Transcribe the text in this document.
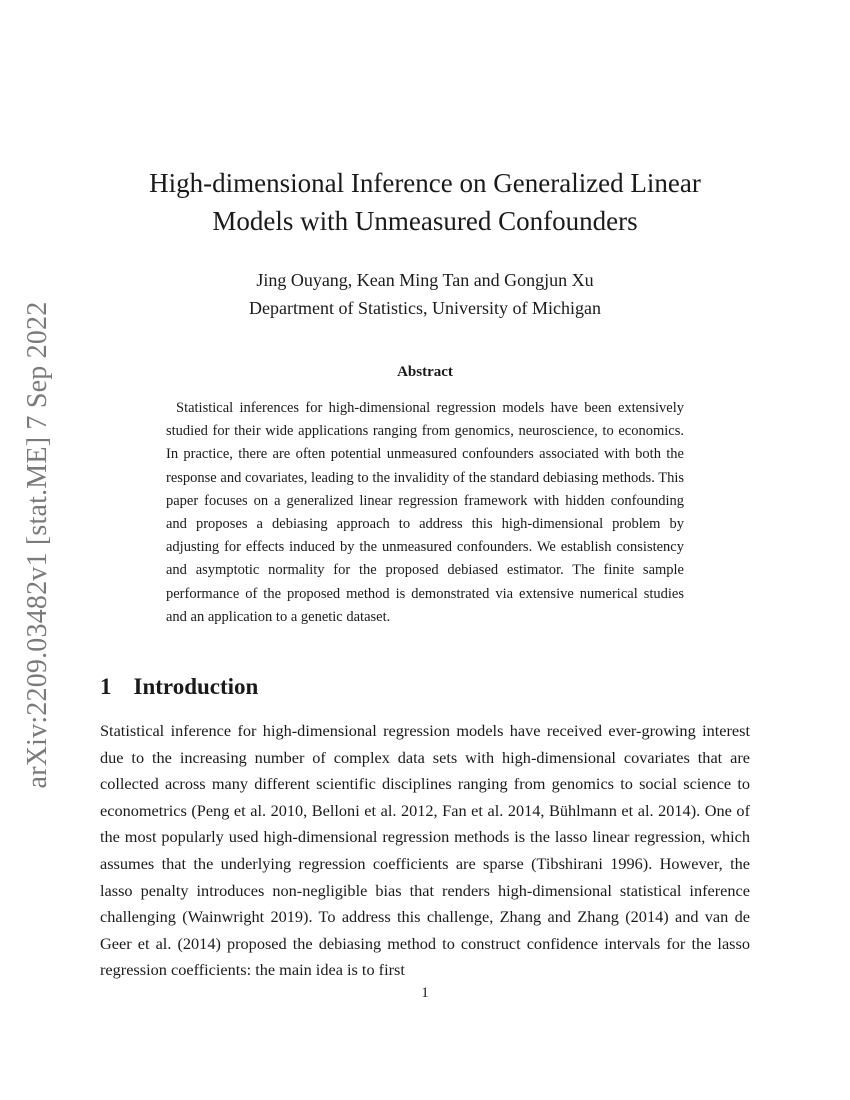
arXiv:2209.03482v1 [stat.ME] 7 Sep 2022
High-dimensional Inference on Generalized Linear
Models with Unmeasured Confounders
Jing Ouyang, Kean Ming Tan and Gongjun Xu
Department of Statistics, University of Michigan
Abstract

Statistical inferences for high-dimensional regression models have been extensively studied for their wide applications ranging from genomics, neuroscience, to economics. In practice, there are often potential unmeasured confounders associated with both the response and covariates, leading to the invalidity of the standard debiasing methods. This paper focuses on a generalized linear regression framework with hidden confounding and proposes a debiasing approach to address this high-dimensional problem by adjusting for effects induced by the unmeasured confounders. We establish consistency and asymptotic normality for the proposed debiased estimator. The finite sample performance of the proposed method is demonstrated via extensive numerical studies and an application to a genetic dataset.

1 Introduction

Statistical inference for high-dimensional regression models have received ever-growing interest due to the increasing number of complex data sets with high-dimensional covariates that are collected across many different scientific disciplines ranging from genomics to social science to econometrics (Peng et al. 2010, Belloni et al. 2012, Fan et al. 2014, Bühlmann et al. 2014). One of the most popularly used high-dimensional regression methods is the lasso linear regression, which assumes that the underlying regression coefficients are sparse (Tibshirani 1996). However, the lasso penalty introduces non-negligible bias that renders high-dimensional statistical inference challenging (Wainwright 2019). To address this challenge, Zhang and Zhang (2014) and van de Geer et al. (2014) proposed the debiasing method to construct confidence intervals for the lasso regression coefficients: the main idea is to first

1
